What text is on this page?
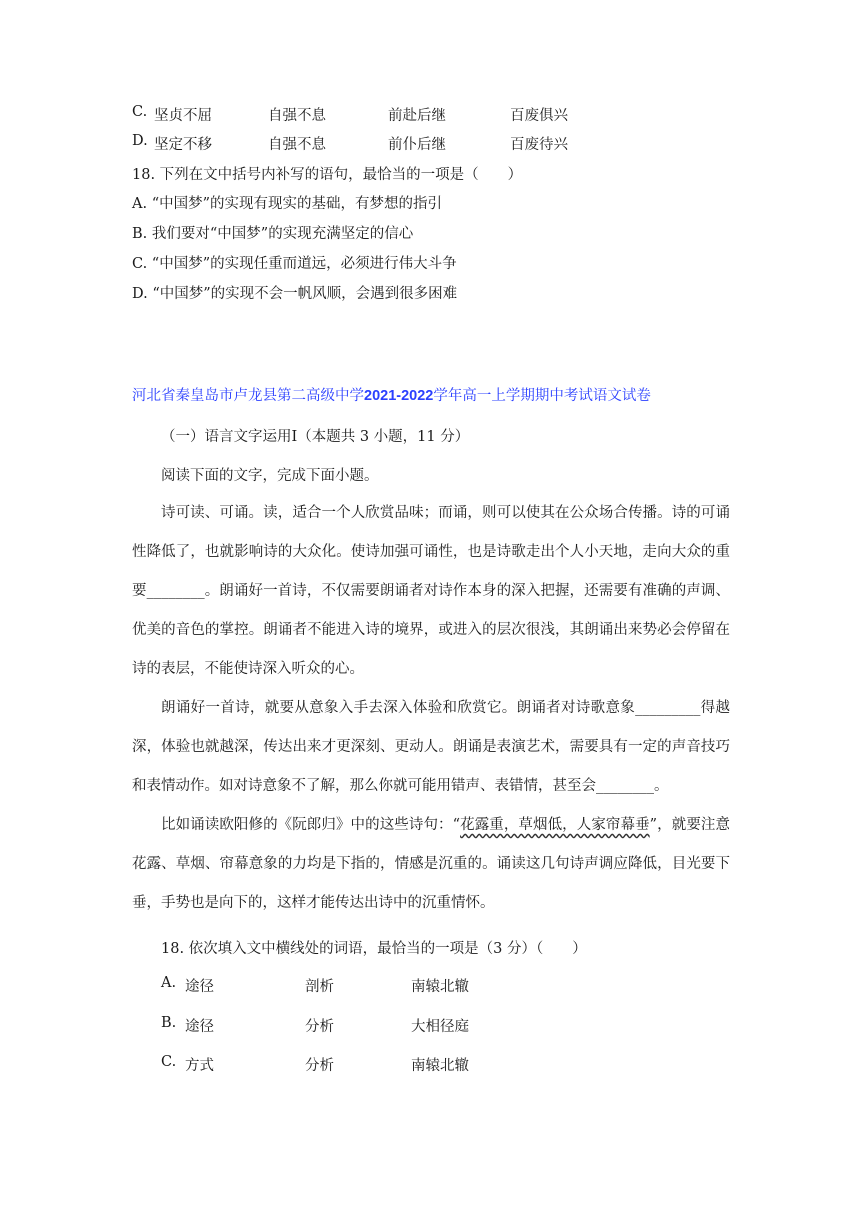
C. 坚贞不屈	自强不息	前赴后继	百废俱兴
D. 坚定不移	自强不息	前仆后继	百废待兴
18. 下列在文中括号内补写的语句，最恰当的一项是（　　）
A. “中国梦”的实现有现实的基础，有梦想的指引
B. 我们要对“中国梦”的实现充满坚定的信心
C. “中国梦”的实现任重而道远，必须进行伟大斗争
D. “中国梦”的实现不会一帆风顺，会遇到很多困难
河北省秦皇岛市卢龙县第二高级中学2021-2022学年高一上学期期中考试语文试卷
（一）语言文字运用Ⅰ（本题共 3 小题，11 分）
阅读下面的文字，完成下面小题。
诗可读、可诵。读，适合一个人欣赏品味；而诵，则可以使其在公众场合传播。诗的可诵性降低了，也就影响诗的大众化。使诗加强可诵性，也是诗歌走出个人小天地，走向大众的重要________。朗诵好一首诗，不仅需要朗诵者对诗作本身的深入把握，还需要有准确的声调、优美的音色的掌控。朗诵者不能进入诗的境界，或进入的层次很浅，其朗诵出来势必会停留在诗的表层，不能使诗深入听众的心。
朗诵好一首诗，就要从意象入手去深入体验和欣赏它。朗诵者对诗歌意象_________得越深，体验也就越深，传达出来才更深刻、更动人。朗诵是表演艺术，需要具有一定的声音技巧和表情动作。如对诗意象不了解，那么你就可能用错声、表错情，甚至会________。
比如诵读欧阳修的《阮郎归》中的这些诗句：“花露重，草烟低，人家帘幕垂”，就要注意花露、草烟、帘幕意象的力均是下指的，情感是沉重的。诵读这几句诗声调应降低，目光要下垂，手势也是向下的，这样才能传达出诗中的沉重情怀。
18. 依次填入文中横线处的词语，最恰当的一项是（3 分）（　　）
A. 途径	剖析	南辕北辙
B. 途径	分析	大相径庭
C. 方式	分析	南辕北辙
